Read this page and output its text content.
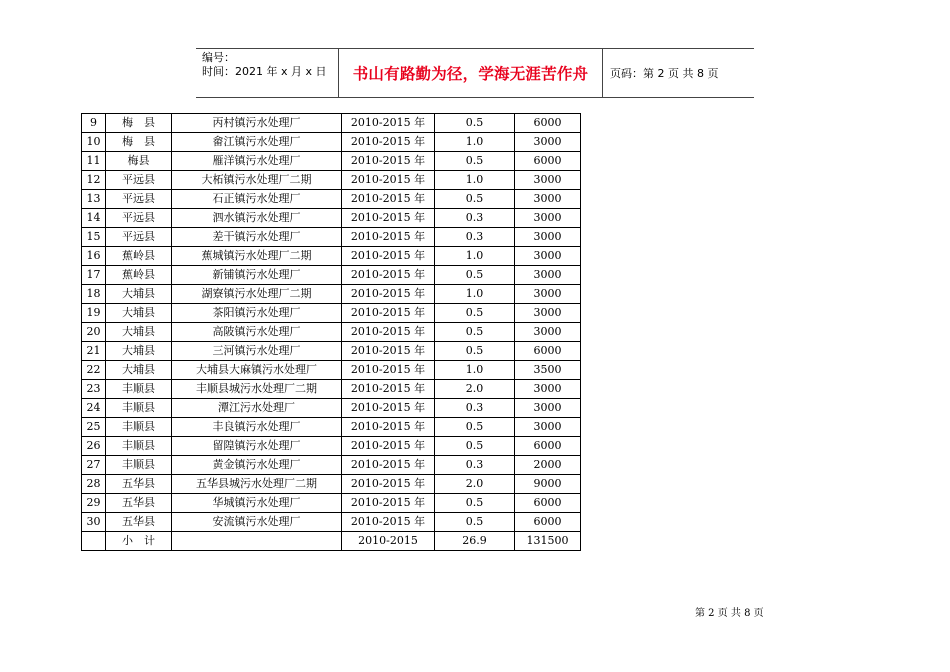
编号：
时间：2021 年 x 月 x 日	书山有路勤为径，学海无涯苦作舟	页码：第 2 页 共 8 页
9	梅　县	丙村镇污水处理厂	2010-2015 年	0.5	6000
10	梅　县	畲江镇污水处理厂	2010-2015 年	1.0	3000
11	梅县	雁洋镇污水处理厂	2010-2015 年	0.5	6000
12	平远县	大柘镇污水处理厂二期	2010-2015 年	1.0	3000
13	平远县	石正镇污水处理厂	2010-2015 年	0.5	3000
14	平远县	泗水镇污水处理厂	2010-2015 年	0.3	3000
15	平远县	差干镇污水处理厂	2010-2015 年	0.3	3000
16	蕉岭县	蕉城镇污水处理厂二期	2010-2015 年	1.0	3000
17	蕉岭县	新铺镇污水处理厂	2010-2015 年	0.5	3000
18	大埔县	湖寮镇污水处理厂二期	2010-2015 年	1.0	3000
19	大埔县	茶阳镇污水处理厂	2010-2015 年	0.5	3000
20	大埔县	高陂镇污水处理厂	2010-2015 年	0.5	3000
21	大埔县	三河镇污水处理厂	2010-2015 年	0.5	6000
22	大埔县	大埔县大麻镇污水处理厂	2010-2015 年	1.0	3500
23	丰顺县	丰顺县城污水处理厂二期	2010-2015 年	2.0	3000
24	丰顺县	潭江污水处理厂	2010-2015 年	0.3	3000
25	丰顺县	丰良镇污水处理厂	2010-2015 年	0.5	3000
26	丰顺县	留隍镇污水处理厂	2010-2015 年	0.5	6000
27	丰顺县	黄金镇污水处理厂	2010-2015 年	0.3	2000
28	五华县	五华县城污水处理厂二期	2010-2015 年	2.0	9000
29	五华县	华城镇污水处理厂	2010-2015 年	0.5	6000
30	五华县	安流镇污水处理厂	2010-2015 年	0.5	6000
	小　计		2010-2015	26.9	131500
第 2 页 共 8 页
